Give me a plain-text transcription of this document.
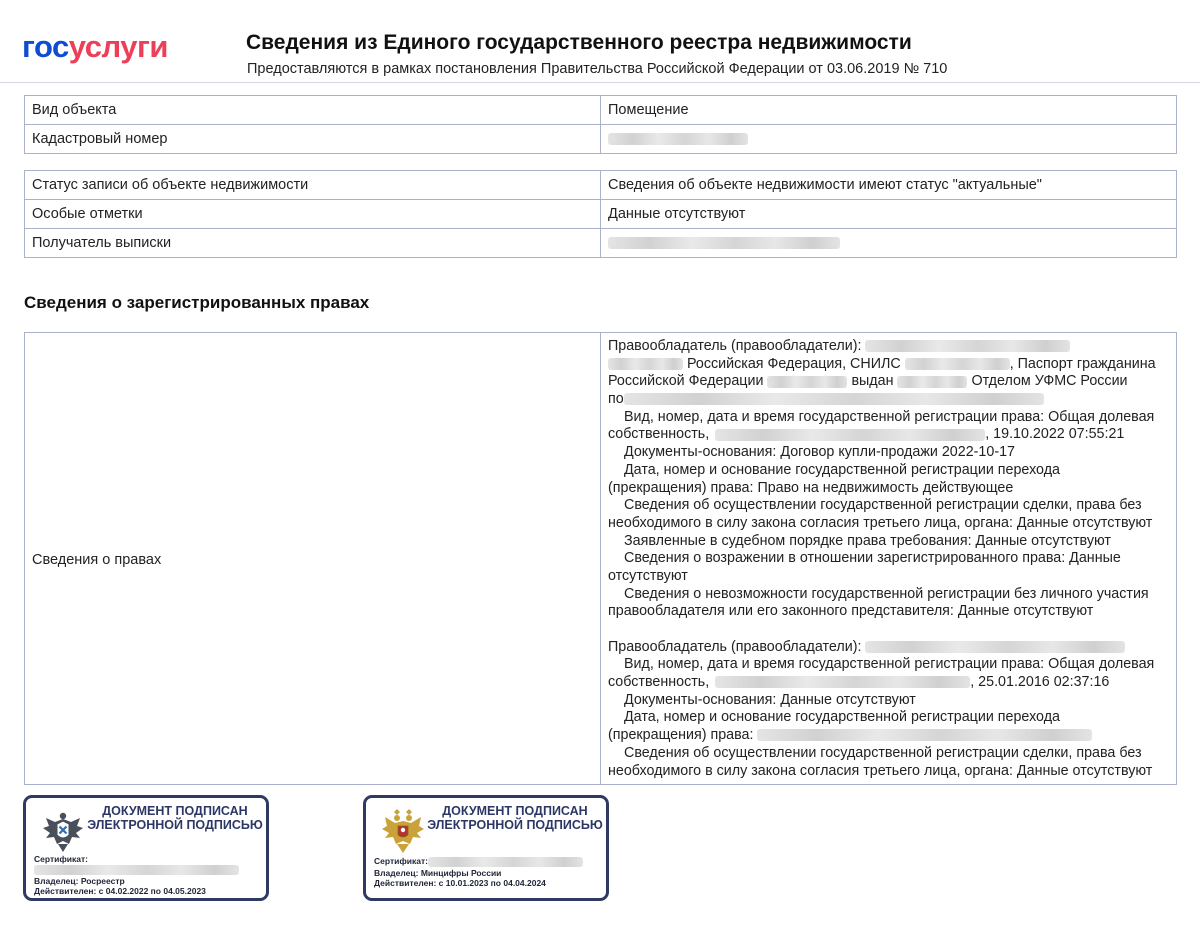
госуслуги	Сведения из Единого государственного реестра недвижимости
Предоставляются в рамках постановления Правительства Российской Федерации от 03.06.2019 № 710
Вид объекта	Помещение
Кадастровый номер	
Статус записи об объекте недвижимости	Сведения об объекте недвижимости имеют статус "актуальные"
Особые отметки	Данные отсутствуют
Получатель выписки	
Сведения о зарегистрированных правах
Сведения о правах
Правообладатель (правообладатели):
Российская Федерация, СНИЛС	, Паспорт гражданина
Российской Федерации	выдан	Отделом УФМС России
по
Вид, номер, дата и время государственной регистрации права: Общая долевая
собственность,	, 19.10.2022 07:55:21
Документы-основания: Договор купли-продажи 2022-10-17
Дата, номер и основание государственной регистрации перехода
(прекращения) права: Право на недвижимость действующее
Сведения об осуществлении государственной регистрации сделки, права без
необходимого в силу закона согласия третьего лица, органа: Данные отсутствуют
Заявленные в судебном порядке права требования: Данные отсутствуют
Сведения о возражении в отношении зарегистрированного права: Данные
отсутствуют
Сведения о невозможности государственной регистрации без личного участия
правообладателя или его законного представителя: Данные отсутствуют
Правообладатель (правообладатели):
Вид, номер, дата и время государственной регистрации права: Общая долевая
собственность,	, 25.01.2016 02:37:16
Документы-основания: Данные отсутствуют
Дата, номер и основание государственной регистрации перехода
(прекращения) права:
Сведения об осуществлении государственной регистрации сделки, права без
необходимого в силу закона согласия третьего лица, органа: Данные отсутствуют
ДОКУМЕНТ ПОДПИСАН ЭЛЕКТРОННОЙ ПОДПИСЬЮ
Сертификат:
Владелец: Росреестр
Действителен: с 04.02.2022 по 04.05.2023
ДОКУМЕНТ ПОДПИСАН ЭЛЕКТРОННОЙ ПОДПИСЬЮ
Сертификат:
Владелец: Минцифры России
Действителен: с 10.01.2023 по 04.04.2024
